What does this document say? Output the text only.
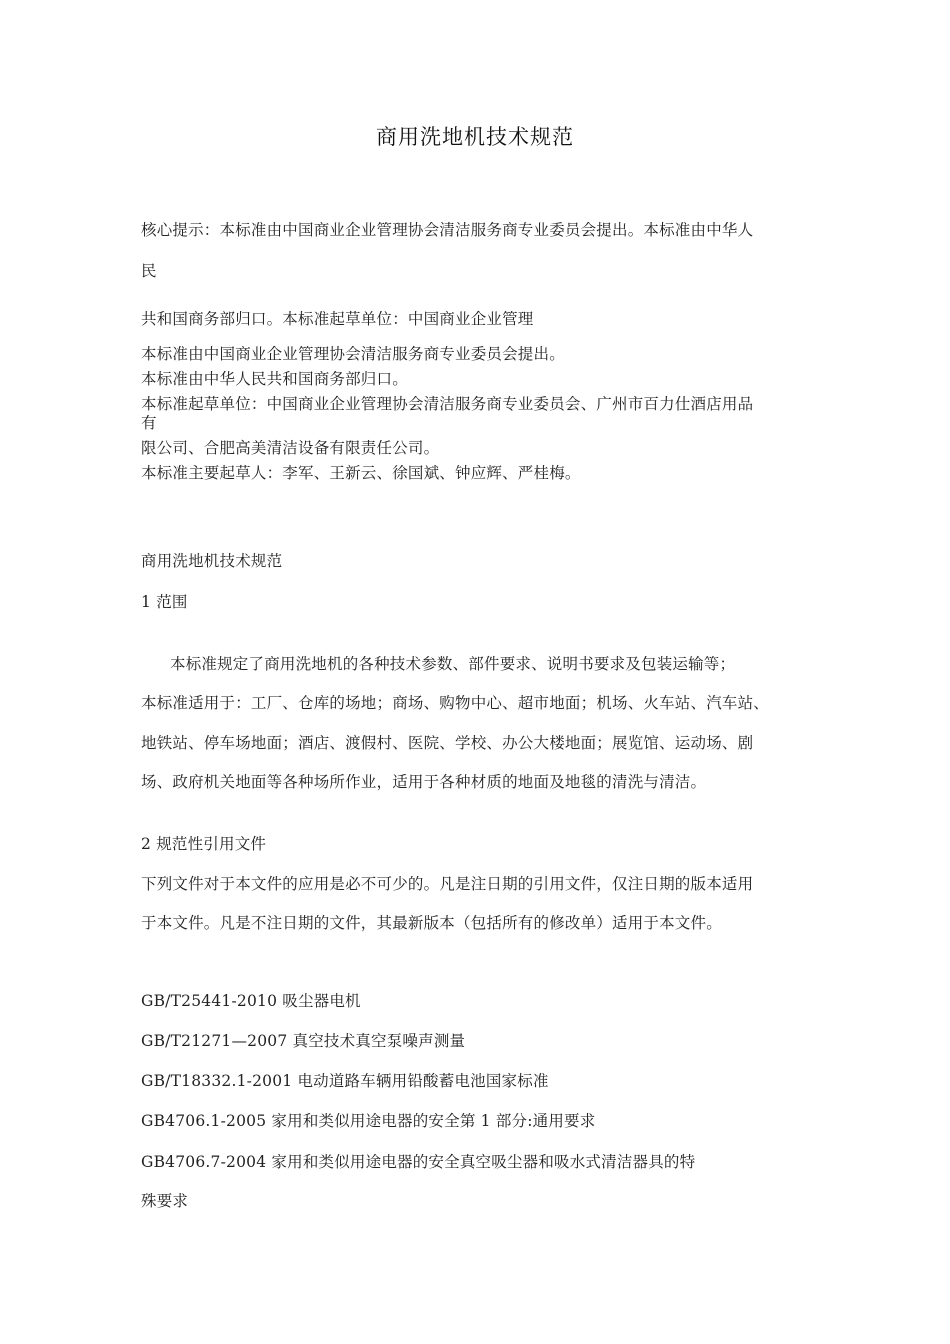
商用洗地机技术规范
核心提示：本标准由中国商业企业管理协会清洁服务商专业委员会提出。本标准由中华人
民
共和国商务部归口。本标准起草单位：中国商业企业管理
本标准由中国商业企业管理协会清洁服务商专业委员会提出。
本标准由中华人民共和国商务部归口。
本标准起草单位：中国商业企业管理协会清洁服务商专业委员会、广州市百力仕酒店用品
有
限公司、合肥高美清洁设备有限责任公司。
本标准主要起草人：李军、王新云、徐国斌、钟应辉、严桂梅。
商用洗地机技术规范
1 范围
本标准规定了商用洗地机的各种技术参数、部件要求、说明书要求及包装运输等；
本标准适用于：工厂、仓库的场地；商场、购物中心、超市地面；机场、火车站、汽车站、
地铁站、停车场地面；酒店、渡假村、医院、学校、办公大楼地面；展览馆、运动场、剧
场、政府机关地面等各种场所作业，适用于各种材质的地面及地毯的清洗与清洁。
2 规范性引用文件
下列文件对于本文件的应用是必不可少的。凡是注日期的引用文件，仅注日期的版本适用
于本文件。凡是不注日期的文件，其最新版本（包括所有的修改单）适用于本文件。
GB/T25441-2010 吸尘器电机
GB/T21271—2007 真空技术真空泵噪声测量
GB/T18332.1-2001 电动道路车辆用铅酸蓄电池国家标准
GB4706.1-2005 家用和类似用途电器的安全第 1 部分:通用要求
GB4706.7-2004 家用和类似用途电器的安全真空吸尘器和吸水式清洁器具的特
殊要求
